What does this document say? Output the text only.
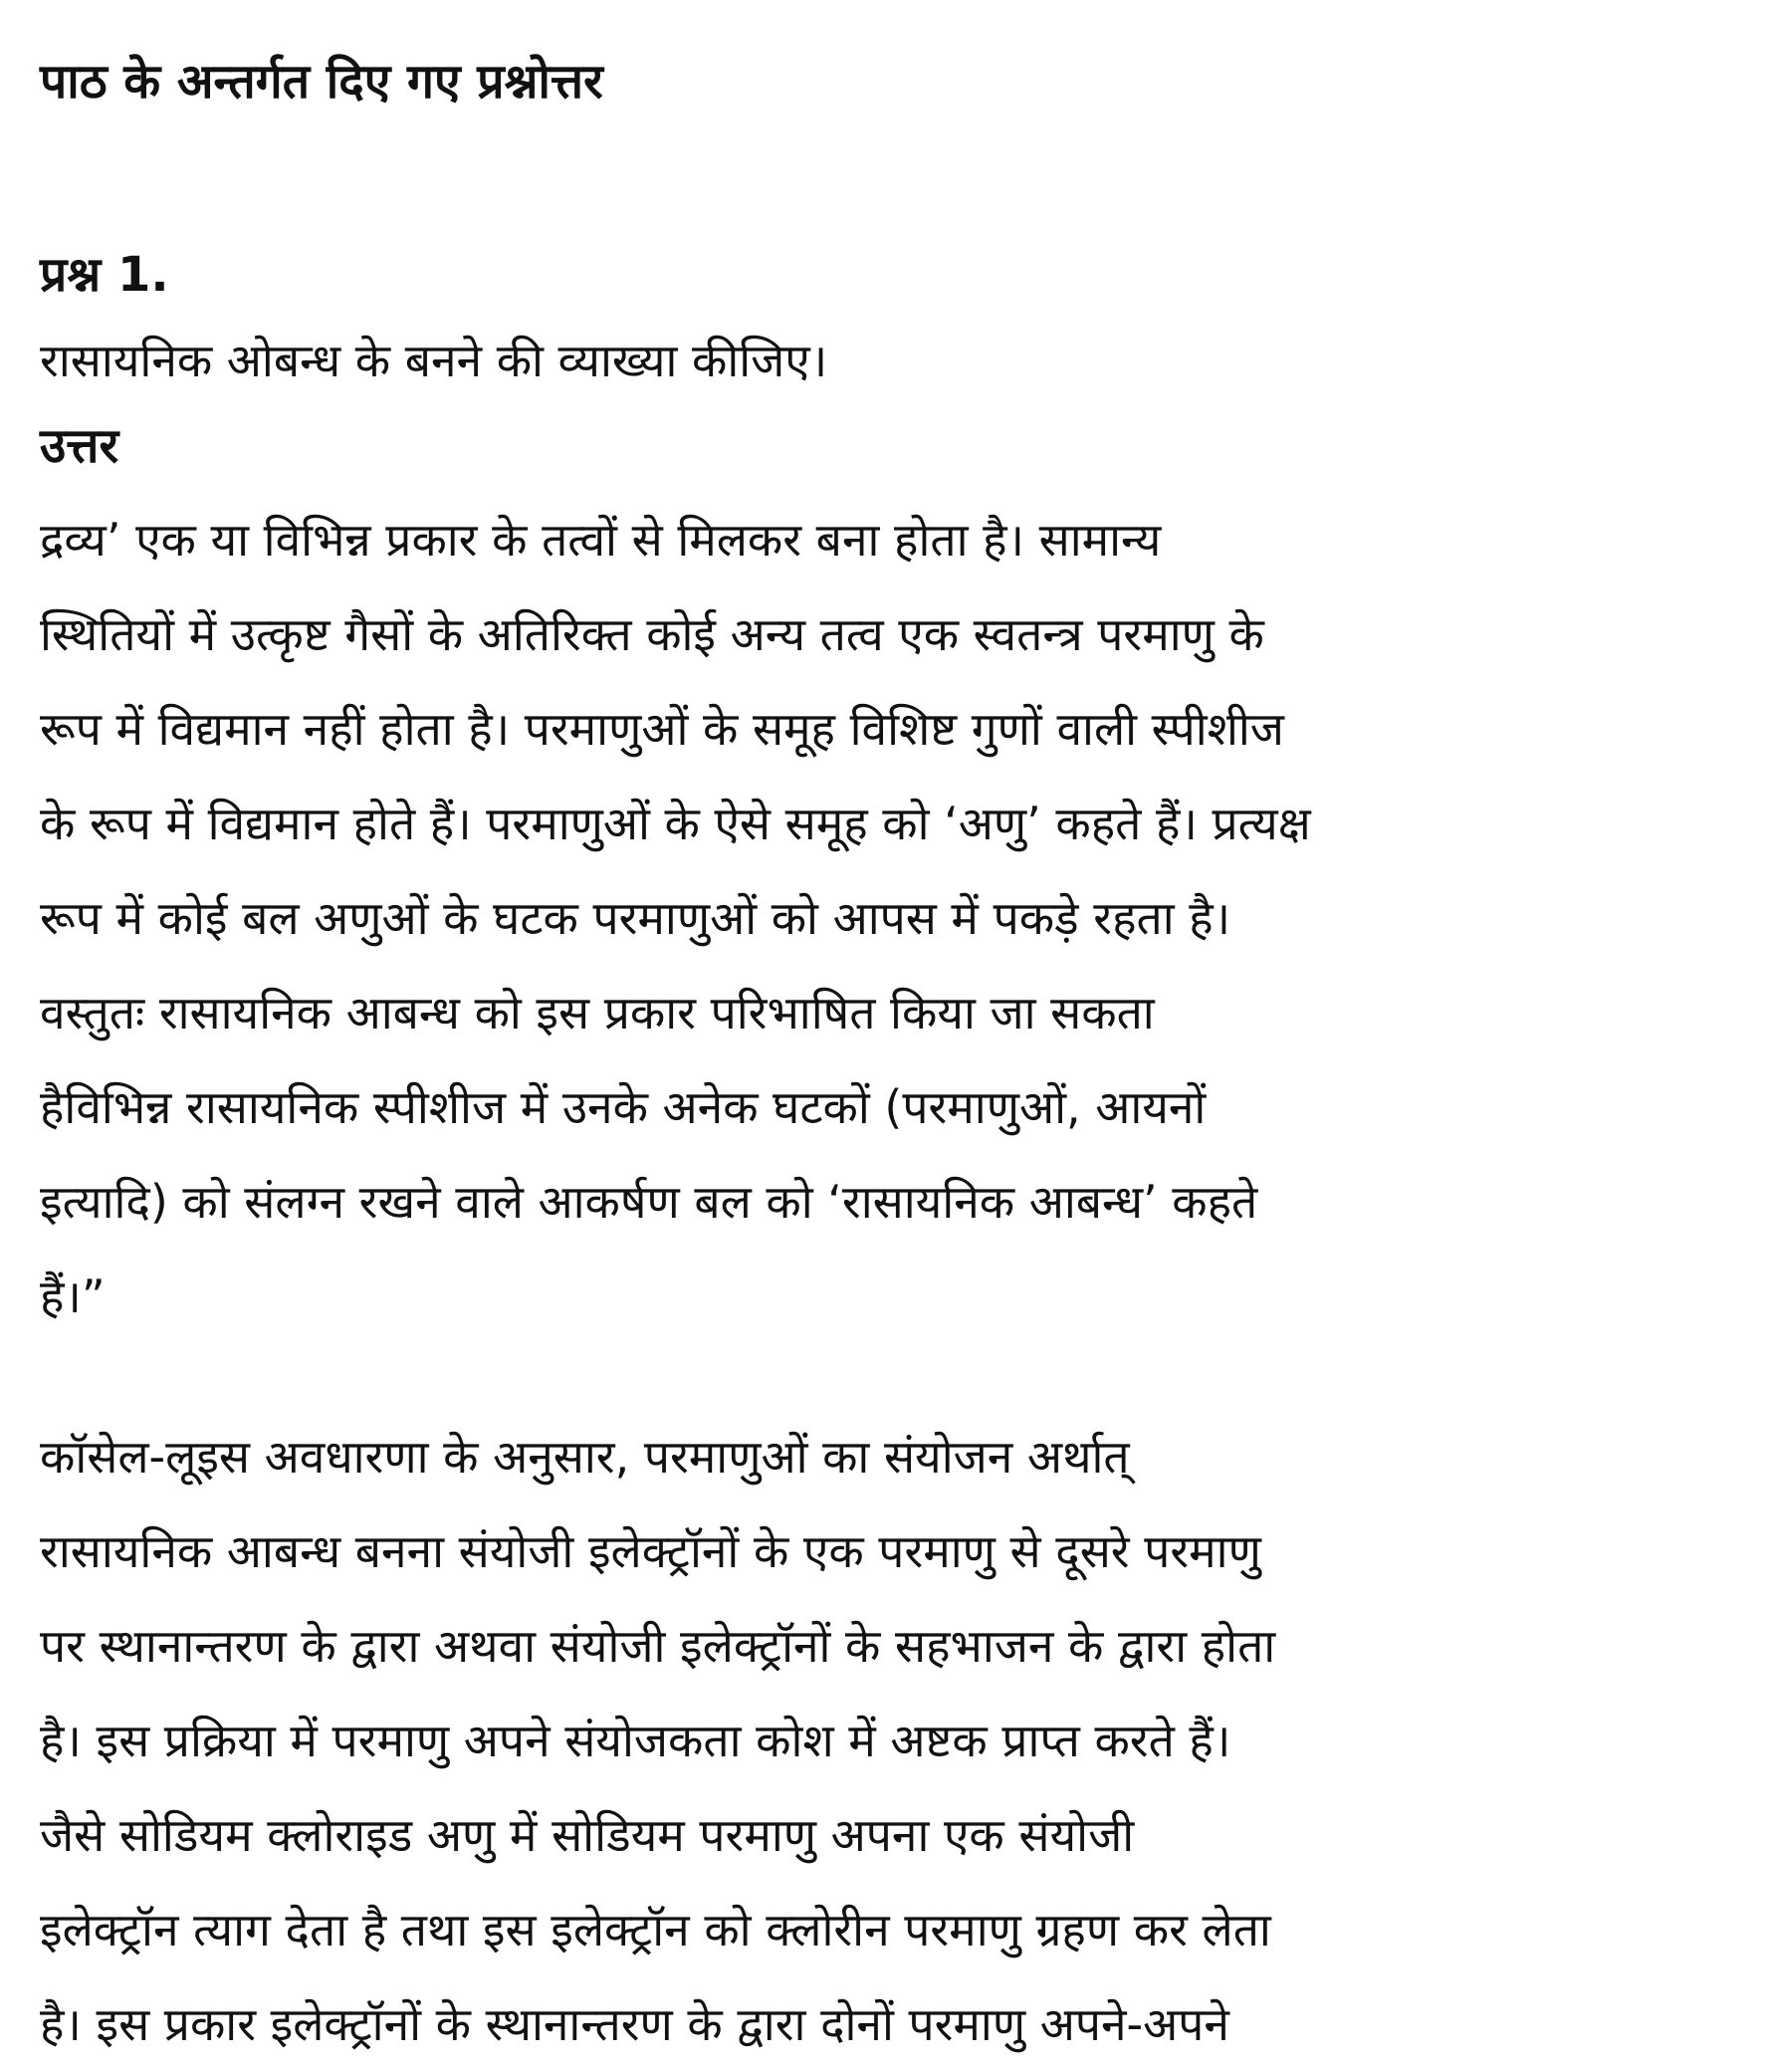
पाठ के अन्तर्गत दिए गए प्रश्नोत्तर
प्रश्न 1.
रासायनिक ओबन्ध के बनने की व्याख्या कीजिए।
उत्तर
द्रव्य’ एक या विभिन्न प्रकार के तत्वों से मिलकर बना होता है। सामान्य
स्थितियों में उत्कृष्ट गैसों के अतिरिक्त कोई अन्य तत्व एक स्वतन्त्र परमाणु के
रूप में विद्यमान नहीं होता है। परमाणुओं के समूह विशिष्ट गुणों वाली स्पीशीज
के रूप में विद्यमान होते हैं। परमाणुओं के ऐसे समूह को ‘अणु’ कहते हैं। प्रत्यक्ष
रूप में कोई बल अणुओं के घटक परमाणुओं को आपस में पकड़े रहता है।
वस्तुतः रासायनिक आबन्ध को इस प्रकार परिभाषित किया जा सकता
हैविभिन्न रासायनिक स्पीशीज में उनके अनेक घटकों (परमाणुओं, आयनों
इत्यादि) को संलग्न रखने वाले आकर्षण बल को ‘रासायनिक आबन्ध’ कहते
हैं।”
कॉसेल-लूइस अवधारणा के अनुसार, परमाणुओं का संयोजन अर्थात्
रासायनिक आबन्ध बनना संयोजी इलेक्ट्रॉनों के एक परमाणु से दूसरे परमाणु
पर स्थानान्तरण के द्वारा अथवा संयोजी इलेक्ट्रॉनों के सहभाजन के द्वारा होता
है। इस प्रक्रिया में परमाणु अपने संयोजकता कोश में अष्टक प्राप्त करते हैं।
जैसे सोडियम क्लोराइड अणु में सोडियम परमाणु अपना एक संयोजी
इलेक्ट्रॉन त्याग देता है तथा इस इलेक्ट्रॉन को क्लोरीन परमाणु ग्रहण कर लेता
है। इस प्रकार इलेक्ट्रॉनों के स्थानान्तरण के द्वारा दोनों परमाणु अपने-अपने
